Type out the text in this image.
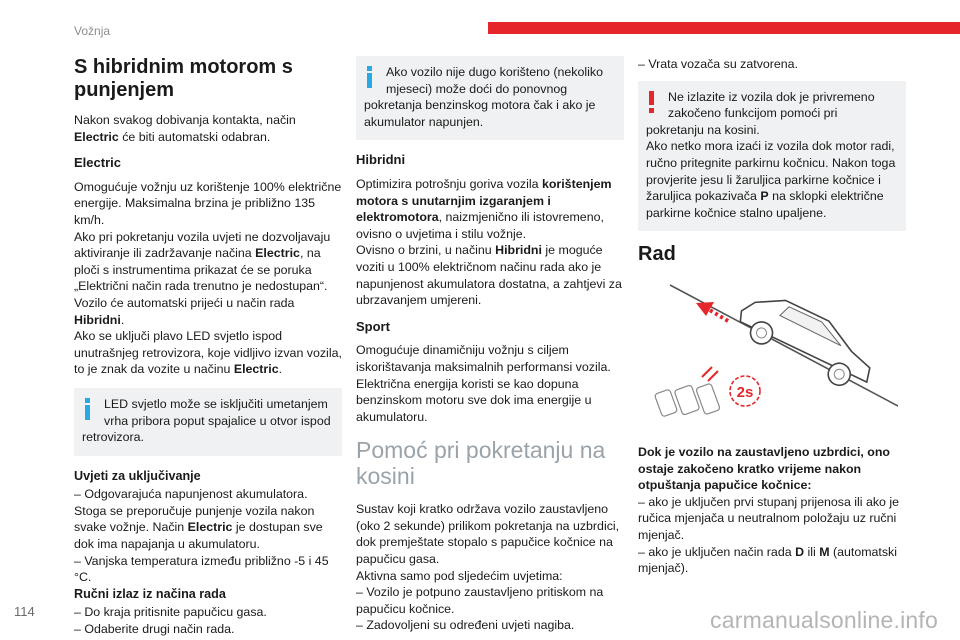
Vožnja

S hibridnim motorom s punjenjem

Nakon svakog dobivanja kontakta, način Electric će biti automatski odabran.

Electric

Omogućuje vožnju uz korištenje 100% električne energije. Maksimalna brzina je približno 135 km/h.

Ako pri pokretanju vozila uvjeti ne dozvoljavaju aktiviranje ili zadržavanje načina Electric, na ploči s instrumentima prikazat će se poruka „Električni način rada trenutno je nedostupan“.

Vozilo će automatski prijeći u način rada Hibridni.

Ako se uključi plavo LED svjetlo ispod unutrašnjeg retrovizora, koje vidljivo izvan vozila, to je znak da vozite u načinu Electric.

LED svjetlo može se isključiti umetanjem vrha pribora poput spajalice u otvor ispod retrovizora.

Uvjeti za uključivanje

– Odgovarajuća napunjenost akumulatora.

Stoga se preporučuje punjenje vozila nakon svake vožnje. Način Electric je dostupan sve dok ima napajanja u akumulatoru.

– Vanjska temperatura između približno -5 i 45 °C.

Ručni izlaz iz načina rada

– Do kraja pritisnite papučicu gasa.

– Odaberite drugi način rada.

Ako vozilo nije dugo korišteno (nekoliko mjeseci) može doći do ponovnog pokretanja benzinskog motora čak i ako je akumulator napunjen.

Hibridni

Optimizira potrošnju goriva vozila korištenjem motora s unutarnjim izgaranjem i elektromotora, naizmjenično ili istovremeno, ovisno o uvjetima i stilu vožnje.

Ovisno o brzini, u načinu Hibridni je moguće voziti u 100% električnom načinu rada ako je napunjenost akumulatora dostatna, a zahtjevi za ubrzavanjem umjereni.

Sport

Omogućuje dinamičniju vožnju s ciljem iskorištavanja maksimalnih performansi vozila.

Električna energija koristi se kao dopuna benzinskom motoru sve dok ima energije u akumulatoru.

Pomoć pri pokretanju na kosini

Sustav koji kratko održava vozilo zaustavljeno (oko 2 sekunde) prilikom pokretanja na uzbrdici, dok premještate stopalo s papučice kočnice na papučicu gasa.

Aktivna samo pod sljedećim uvjetima:

– Vozilo je potpuno zaustavljeno pritiskom na papučicu kočnice.

– Zadovoljeni su određeni uvjeti nagiba.

– Vrata vozača su zatvorena.

Ne izlazite iz vozila dok je privremeno zakočeno funkcijom pomoći pri pokretanju na kosini.
Ako netko mora izaći iz vozila dok motor radi, ručno pritegnite parkirnu kočnicu. Nakon toga provjerite jesu li žaruljica parkirne kočnice i žaruljica pokazivača P na sklopki električne parkirne kočnice stalno upaljene.

Rad

2s

Dok je vozilo na zaustavljeno uzbrdici, ono ostaje zakočeno kratko vrijeme nakon otpuštanja papučice kočnice:

– ako je uključen prvi stupanj prijenosa ili ako je ručica mjenjača u neutralnom položaju uz ručni mjenjač.

– ako je uključen način rada D ili M (automatski mjenjač).

114	carmanualsonline.info
